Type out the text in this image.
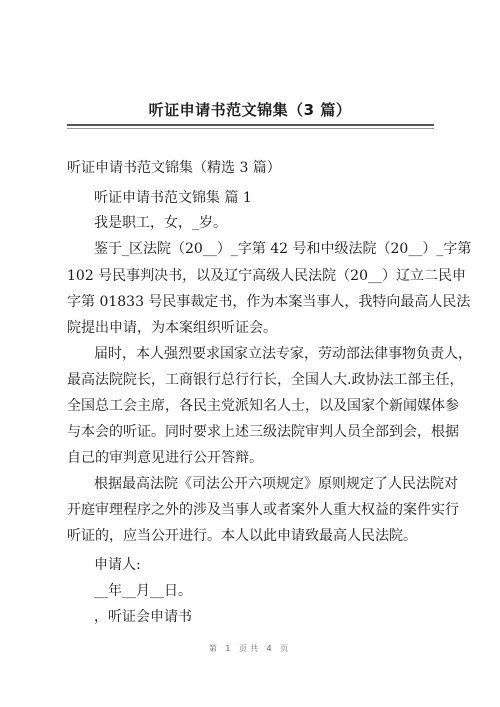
听证申请书范文锦集（3 篇）
听证申请书范文锦集（精选 3 篇）
听证申请书范文锦集 篇 1
我是职工，女，_岁。
鉴于_区法院（20__）_字第 42 号和中级法院（20__）_字第
102 号民事判决书，以及辽宁高级人民法院（20__）辽立二民申
字第 01833 号民事裁定书，作为本案当事人，我特向最高人民法
院提出申请，为本案组织听证会。
届时，本人强烈要求国家立法专家，劳动部法律事物负责人，
最高法院院长，工商银行总行行长，全国人大.政协法工部主任，
全国总工会主席，各民主党派知名人士，以及国家个新闻媒体参
与本会的听证。同时要求上述三级法院审判人员全部到会，根据
自己的审判意见进行公开答辩。
根据最高法院《司法公开六项规定》原则规定了人民法院对
开庭审理程序之外的涉及当事人或者案外人重大权益的案件实行
听证的，应当公开进行。本人以此申请致最高人民法院。
申请人:
__年__月__日。
，听证会申请书
第 1 页共 4 页
